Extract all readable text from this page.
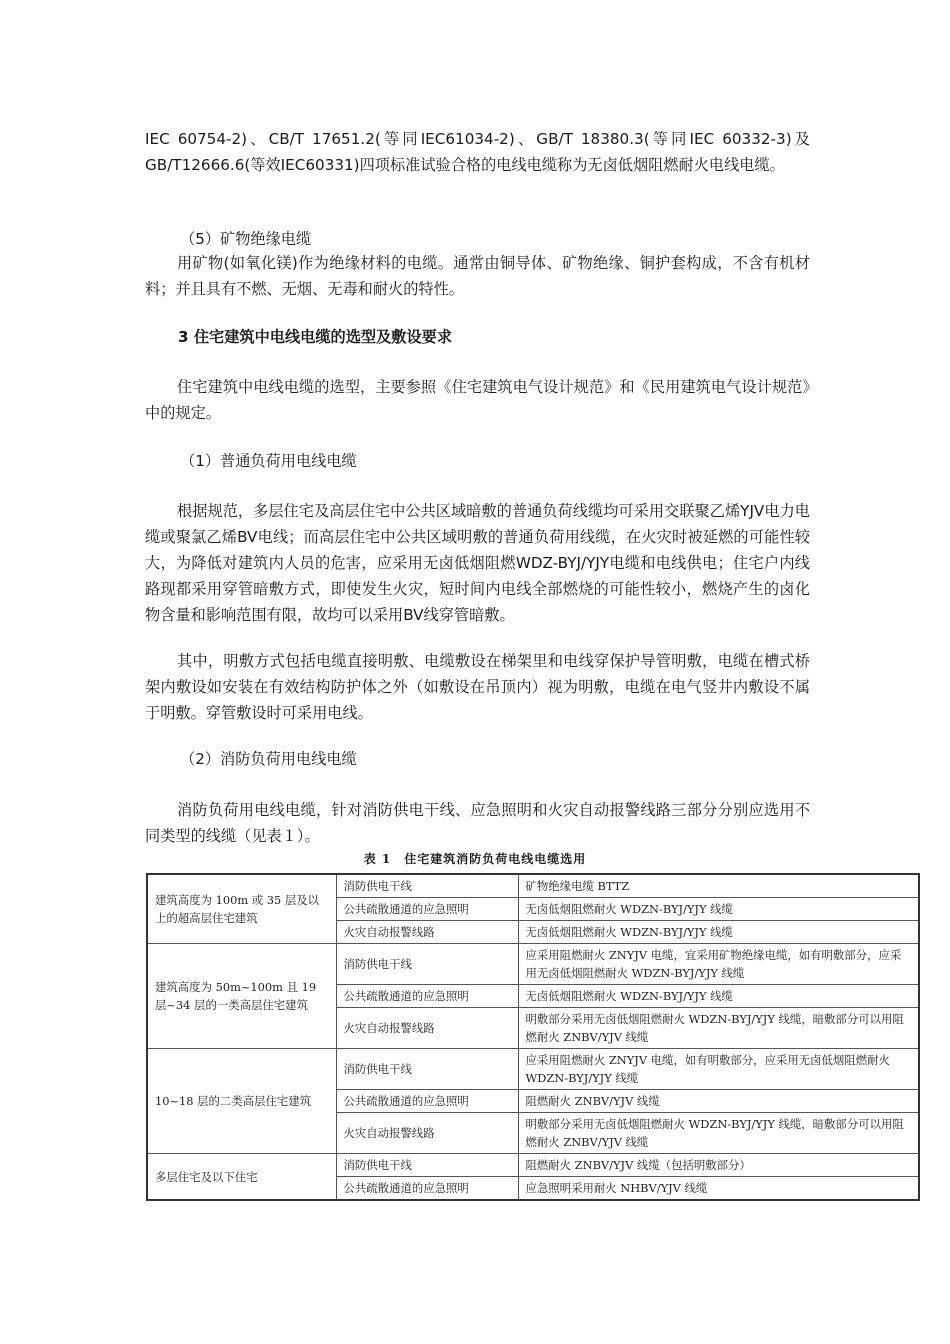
IEC 60754-2)、CB/T 17651.2(等同IEC61034-2)、GB/T 18380.3(等同IEC 60332-3)及GB/T12666.6(等效IEC60331)四项标准试验合格的电线电缆称为无卤低烟阻燃耐火电线电缆。

（5）矿物绝缘电缆

用矿物(如氧化镁)作为绝缘材料的电缆。通常由铜导体、矿物绝缘、铜护套构成，不含有机材料；并且具有不燃、无烟、无毒和耐火的特性。

3 住宅建筑中电线电缆的选型及敷设要求

住宅建筑中电线电缆的选型，主要参照《住宅建筑电气设计规范》和《民用建筑电气设计规范》中的规定。

（1）普通负荷用电线电缆

根据规范，多层住宅及高层住宅中公共区域暗敷的普通负荷线缆均可采用交联聚乙烯YJV电力电缆或聚氯乙烯BV电线；而高层住宅中公共区域明敷的普通负荷用线缆，在火灾时被延燃的可能性较大，为降低对建筑内人员的危害，应采用无卤低烟阻燃WDZ-BYJ/YJY电缆和电线供电；住宅户内线路现都采用穿管暗敷方式，即使发生火灾，短时间内电线全部燃烧的可能性较小，燃烧产生的卤化物含量和影响范围有限，故均可以采用BV线穿管暗敷。

其中，明敷方式包括电缆直接明敷、电缆敷设在梯架里和电线穿保护导管明敷，电缆在槽式桥架内敷设如安装在有效结构防护体之外（如敷设在吊顶内）视为明敷，电缆在电气竖井内敷设不属于明敷。穿管敷设时可采用电线。

（2）消防负荷用电线电缆

消防负荷用电线电缆，针对消防供电干线、应急照明和火灾自动报警线路三部分分别应选用不同类型的线缆（见表１）。

表 1　住宅建筑消防负荷电线电缆选用

建筑高度为 100m 或 35 层及以上的超高层住宅建筑	消防供电干线	矿物绝缘电缆 BTTZ
	公共疏散通道的应急照明	无卤低烟阻燃耐火 WDZN-BYJ/YJY 线缆
	火灾自动报警线路	无卤低烟阻燃耐火 WDZN-BYJ/YJY 线缆
建筑高度为 50m~100m 且 19 层~34 层的一类高层住宅建筑	消防供电干线	应采用阻燃耐火 ZNYJV 电缆，宜采用矿物绝缘电缆，如有明敷部分，应采用无卤低烟阻燃耐火 WDZN-BYJ/YJY 线缆
	公共疏散通道的应急照明	无卤低烟阻燃耐火 WDZN-BYJ/YJY 线缆
	火灾自动报警线路	明敷部分采用无卤低烟阻燃耐火 WDZN-BYJ/YJY 线缆，暗敷部分可以用阻燃耐火 ZNBV/YJV 线缆
10~18 层的二类高层住宅建筑	消防供电干线	应采用阻燃耐火 ZNYJV 电缆，如有明敷部分，应采用无卤低烟阻燃耐火 WDZN-BYJ/YJY 线缆
	公共疏散通道的应急照明	阻燃耐火 ZNBV/YJV 线缆
	火灾自动报警线路	明敷部分采用无卤低烟阻燃耐火 WDZN-BYJ/YJY 线缆，暗敷部分可以用阻燃耐火 ZNBV/YJV 线缆
多层住宅及以下住宅	消防供电干线	阻燃耐火 ZNBV/YJV 线缆（包括明敷部分）
	公共疏散通道的应急照明	应急照明采用耐火 NHBV/YJV 线缆
